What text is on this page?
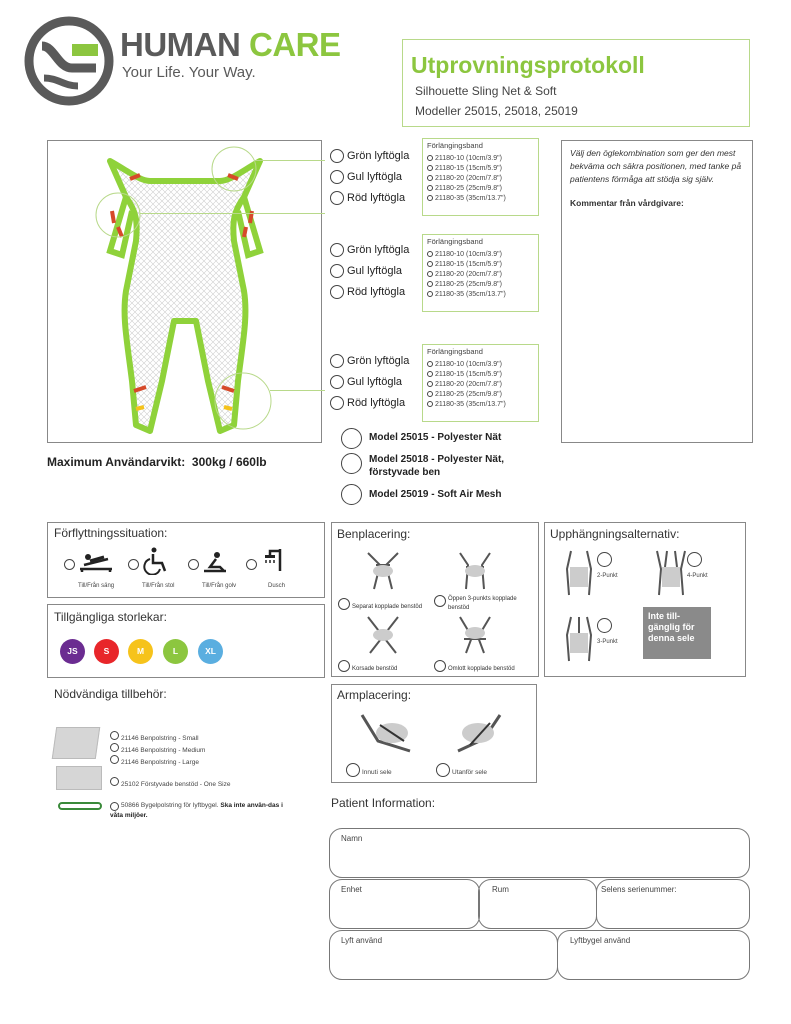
HUMAN CARE
Your Life. Your Way.	Utprovningsprotokoll
Silhouette Sling Net & Soft
Modeller 25015, 25018, 25019
Grön lyftögla
Gul lyftögla
Röd lyftögla
Förlängingsband
21180-10 (10cm/3.9")
21180-15 (15cm/5.9")
21180-20 (20cm/7.8")
21180-25 (25cm/9.8")
21180-35 (35cm/13.7")
Grön lyftögla
Gul lyftögla
Röd lyftögla
Förlängingsband
21180-10 (10cm/3.9")
21180-15 (15cm/5.9")
21180-20 (20cm/7.8")
21180-25 (25cm/9.8")
21180-35 (35cm/13.7")
Grön lyftögla
Gul lyftögla
Röd lyftögla
Förlängingsband
21180-10 (10cm/3.9")
21180-15 (15cm/5.9")
21180-20 (20cm/7.8")
21180-25 (25cm/9.8")
21180-35 (35cm/13.7")
Välj den öglekombination som ger den mest bekväma och säkra positionen, med tanke på patientens förmåga att stödja sig själv.
Kommentar från vårdgivare:
Maximum Användarvikt:  300kg / 660lb
Model 25015 - Polyester Nät
Model 25018 - Polyester Nät, förstyvade ben
Model 25019 - Soft Air Mesh
Förflyttningssituation:
Till/Från säng	Till/Från stol	Till/Från golv	Dusch
Tillgängliga storlekar:
JS	S	M	L	XL
Benplacering:
Separat kopplade benstöd
Öppen 3-punkts kopplade benstöd
Korsade benstöd	Omlott kopplade benstöd
Upphängningsalternativ:
2-Punkt	4-Punkt
3-Punkt
Inte till-gänglig för denna sele
Nödvändiga tillbehör:
21146 Benpolstring - Small
21146 Benpolstring - Medium
21146 Benpolstring - Large
25102 Förstyvade benstöd - One Size
50866 Bygelpolstring för lyftbygel. Ska inte använ-das i våta miljöer.
Armplacering:
Innuti sele	Utanför sele
Patient Information:
Namn
Enhet	Rum	Selens serienummer:
Lyft använd	Lyftbygel använd
